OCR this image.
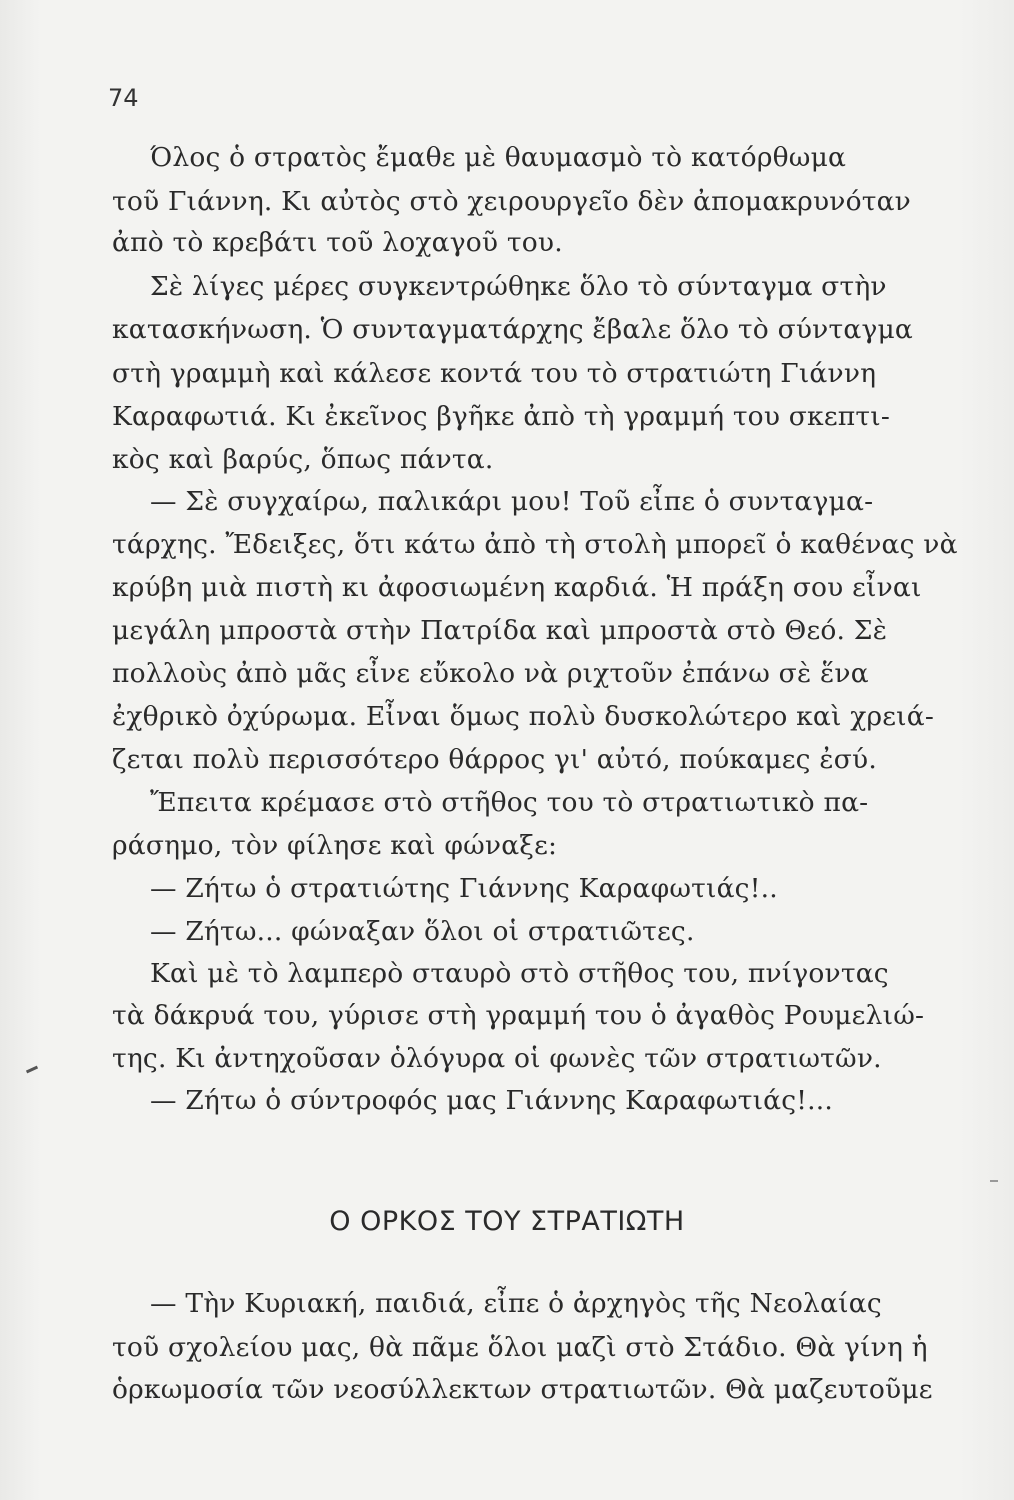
74
Όλος ὁ στρατὸς ἔμαθε μὲ θαυμασμὸ τὸ κατόρθωμα
τοῦ Γιάννη. Κι αὐτὸς στὸ χειρουργεῖο δὲν ἀπομακρυνόταν
ἀπὸ τὸ κρεβάτι τοῦ λοχαγοῦ του.
Σὲ λίγες μέρες συγκεντρώθηκε ὅλο τὸ σύνταγμα στὴν
κατασκήνωση. Ὁ συνταγματάρχης ἔβαλε ὅλο τὸ σύνταγμα
στὴ γραμμὴ καὶ κάλεσε κοντά του τὸ στρατιώτη Γιάννη
Καραφωτιά. Κι ἐκεῖνος βγῆκε ἀπὸ τὴ γραμμή του σκεπτι-
κὸς καὶ βαρύς, ὅπως πάντα.
— Σὲ συγχαίρω, παλικάρι μου! Τοῦ εἶπε ὁ συνταγμα-
τάρχης. Ἔδειξες, ὅτι κάτω ἀπὸ τὴ στολὴ μπορεῖ ὁ καθένας νὰ
κρύβη μιὰ πιστὴ κι ἀφοσιωμένη καρδιά. Ἡ πράξη σου εἶναι
μεγάλη μπροστὰ στὴν Πατρίδα καὶ μπροστὰ στὸ Θεό. Σὲ
πολλοὺς ἀπὸ μᾶς εἶνε εὔκολο νὰ ριχτοῦν ἐπάνω σὲ ἕνα
ἐχθρικὸ ὀχύρωμα. Εἶναι ὅμως πολὺ δυσκολώτερο καὶ χρειά-
ζεται πολὺ περισσότερο θάρρος γι' αὐτό, πούκαμες ἐσύ.
Ἔπειτα κρέμασε στὸ στῆθος του τὸ στρατιωτικὸ πα-
ράσημο, τὸν φίλησε καὶ φώναξε:
— Ζήτω ὁ στρατιώτης Γιάννης Καραφωτιάς!..
— Ζήτω... φώναξαν ὅλοι οἱ στρατιῶτες.
Καὶ μὲ τὸ λαμπερὸ σταυρὸ στὸ στῆθος του, πνίγοντας
τὰ δάκρυά του, γύρισε στὴ γραμμή του ὁ ἀγαθὸς Ρουμελιώ-
της. Κι ἀντηχοῦσαν ὁλόγυρα οἱ φωνὲς τῶν στρατιωτῶν.
— Ζήτω ὁ σύντροφός μας Γιάννης Καραφωτιάς!...
Ο ΟΡΚΟΣ ΤΟΥ ΣΤΡΑΤΙΩΤΗ
— Τὴν Κυριακή, παιδιά, εἶπε ὁ ἀρχηγὸς τῆς Νεολαίας
τοῦ σχολείου μας, θὰ πᾶμε ὅλοι μαζὶ στὸ Στάδιο. Θὰ γίνη ἡ
ὁρκωμοσία τῶν νεοσύλλεκτων στρατιωτῶν. Θὰ μαζευτοῦμε
